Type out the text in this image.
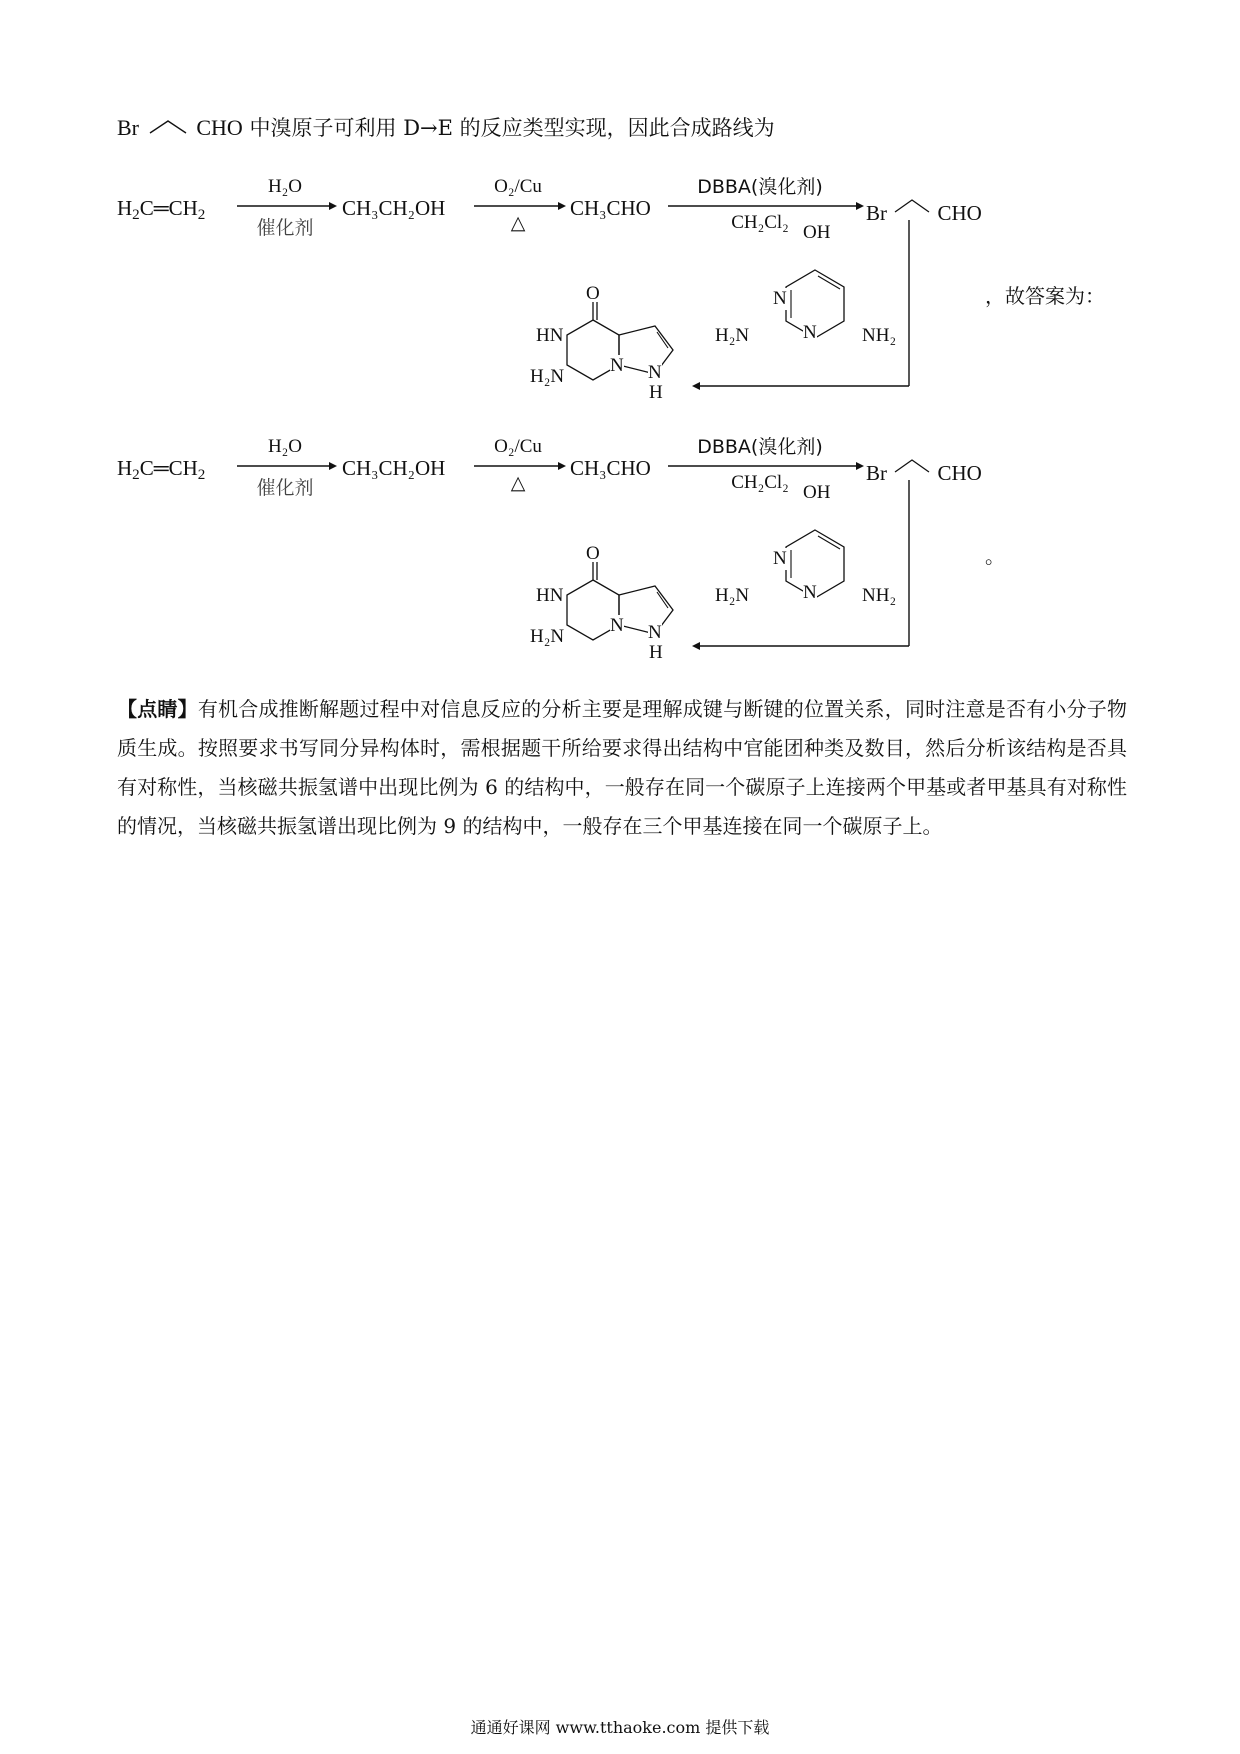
Br	CHO 中溴原子可利用 D→E 的反应类型实现，因此合成路线为
$H_2C═CH_2$
H₂O
催化剂
CH₃CH₂OH
O₂/Cu
△
CH₃CHO
DBBA(溴化剂)
CH₂Cl₂	Br CHO
OH
N
N
H₂N	NH₂
O
HN
N
H₂N	N
H
，故答案为：
$H_2C═CH_2$
H₂O
催化剂
CH₃CH₂OH
O₂/Cu
△
CH₃CHO
DBBA(溴化剂)
CH₂Cl₂	Br CHO
OH
N
N
H₂N	NH₂
O
HN
N
H₂N	N
H
。
【点睛】有机合成推断解题过程中对信息反应的分析主要是理解成键与断键的位置关系，同时注意是否有小分子物质生成。按照要求书写同分异构体时，需根据题干所给要求得出结构中官能团种类及数目，然后分析该结构是否具有对称性，当核磁共振氢谱中出现比例为 6 的结构中，一般存在同一个碳原子上连接两个甲基或者甲基具有对称性的情况，当核磁共振氢谱出现比例为 9 的结构中，一般存在三个甲基连接在同一个碳原子上。
通通好课网 www.tthaoke.com 提供下载
